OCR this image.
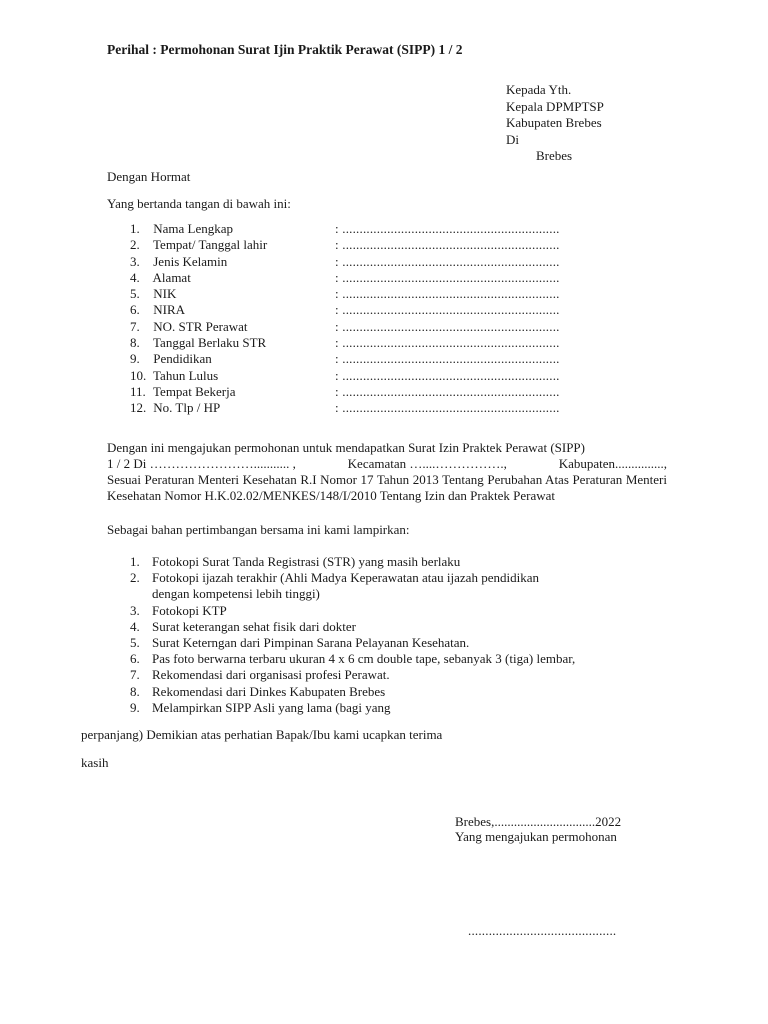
Perihal : Permohonan Surat Ijin Praktik Perawat (SIPP) 1 / 2
Kepada Yth.
Kepala DPMPTSP
Kabupaten Brebes
Di
Brebes
Dengan Hormat
Yang bertanda tangan di bawah ini:
1. Nama Lengkap	: ...............................................................
2. Tempat/ Tanggal lahir	: ...............................................................
3. Jenis Kelamin	: ...............................................................
4. Alamat	: ...............................................................
5. NIK	: ...............................................................
6. NIRA	: ...............................................................
7. NO. STR Perawat	: ...............................................................
8. Tanggal Berlaku STR	: ...............................................................
9. Pendidikan	: ...............................................................
10. Tahun Lulus	: ...............................................................
11. Tempat Bekerja	: ...............................................................
12. No. Tlp / HP	: ...............................................................

Dengan ini mengajukan permohonan untuk mendapatkan Surat Izin Praktek Perawat (SIPP)

1 / 2 Di ……………………........... ,	Kecamatan …....…………….,	Kabupaten...............,

Sesuai Peraturan Menteri Kesehatan R.I Nomor 17 Tahun 2013 Tentang Perubahan Atas Peraturan Menteri Kesehatan Nomor H.K.02.02/MENKES/148/I/2010 Tentang Izin dan Praktek Perawat

Sebagai bahan pertimbangan bersama ini kami lampirkan:
1. Fotokopi Surat Tanda Registrasi (STR) yang masih berlaku
2. Fotokopi ijazah terakhir (Ahli Madya Keperawatan atau ijazah pendidikan
dengan kompetensi lebih tinggi)
3. Fotokopi KTP
4. Surat keterangan sehat fisik dari dokter
5. Surat Keterngan dari Pimpinan Sarana Pelayanan Kesehatan.
6. Pas foto berwarna terbaru ukuran 4 x 6 cm double tape, sebanyak 3 (tiga) lembar,
7. Rekomendasi dari organisasi profesi Perawat.
8. Rekomendasi dari Dinkes Kabupaten Brebes
9. Melampirkan SIPP Asli yang lama (bagi yang
perpanjang) Demikian atas perhatian Bapak/Ibu kami ucapkan terima
kasih
Brebes,...............................2022
Yang mengajukan permohonan
...........................................
